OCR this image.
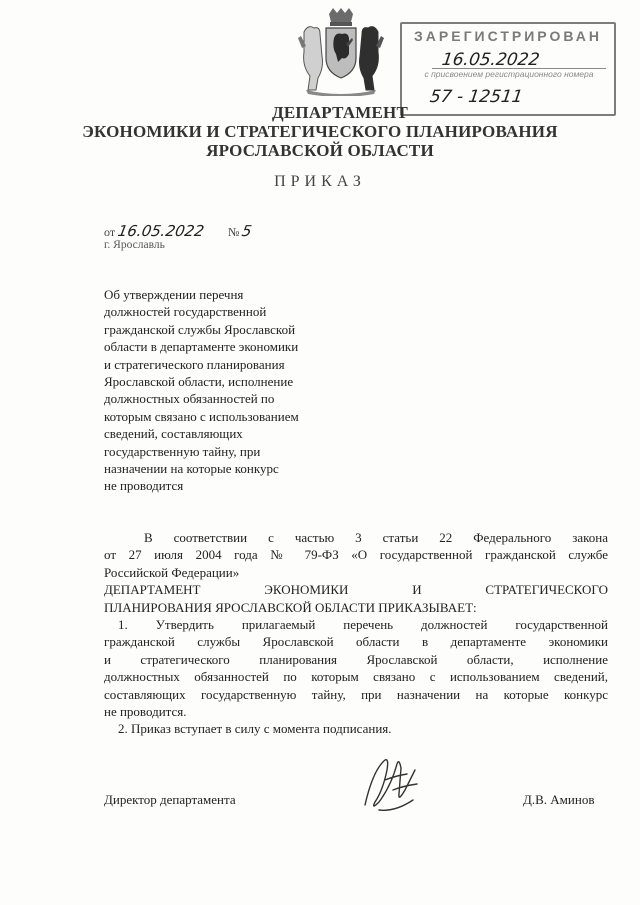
ЗАРЕГИСТРИРОВАН
16.05.2022
с присвоением регистрационного номера
57 - 12511
ДЕПАРТАМЕНТ
ЭКОНОМИКИ И СТРАТЕГИЧЕСКОГО ПЛАНИРОВАНИЯ
ЯРОСЛАВСКОЙ ОБЛАСТИ
ПРИКАЗ
от 16.05.2022 № 5
г. Ярославль
Об утверждении перечня
должностей государственной
гражданской службы Ярославской
области в департаменте экономики
и стратегического планирования
Ярославской области, исполнение
должностных обязанностей по
которым связано с использованием
сведений, составляющих
государственную тайну, при
назначении на которые конкурс
не проводится
В соответствии с частью 3 статьи 22 Федерального закона
от 27 июля 2004 года № 79-ФЗ «О государственной гражданской службе
Российской Федерации»
ДЕПАРТАМЕНТ ЭКОНОМИКИ И СТРАТЕГИЧЕСКОГО
ПЛАНИРОВАНИЯ ЯРОСЛАВСКОЙ ОБЛАСТИ ПРИКАЗЫВАЕТ:
1. Утвердить прилагаемый перечень должностей государственной
гражданской службы Ярославской области в департаменте экономики
и стратегического планирования Ярославской области, исполнение
должностных обязанностей по которым связано с использованием сведений,
составляющих государственную тайну, при назначении на которые конкурс
не проводится.
2. Приказ вступает в силу с момента подписания.
Директор департамента	Д.В. Аминов
